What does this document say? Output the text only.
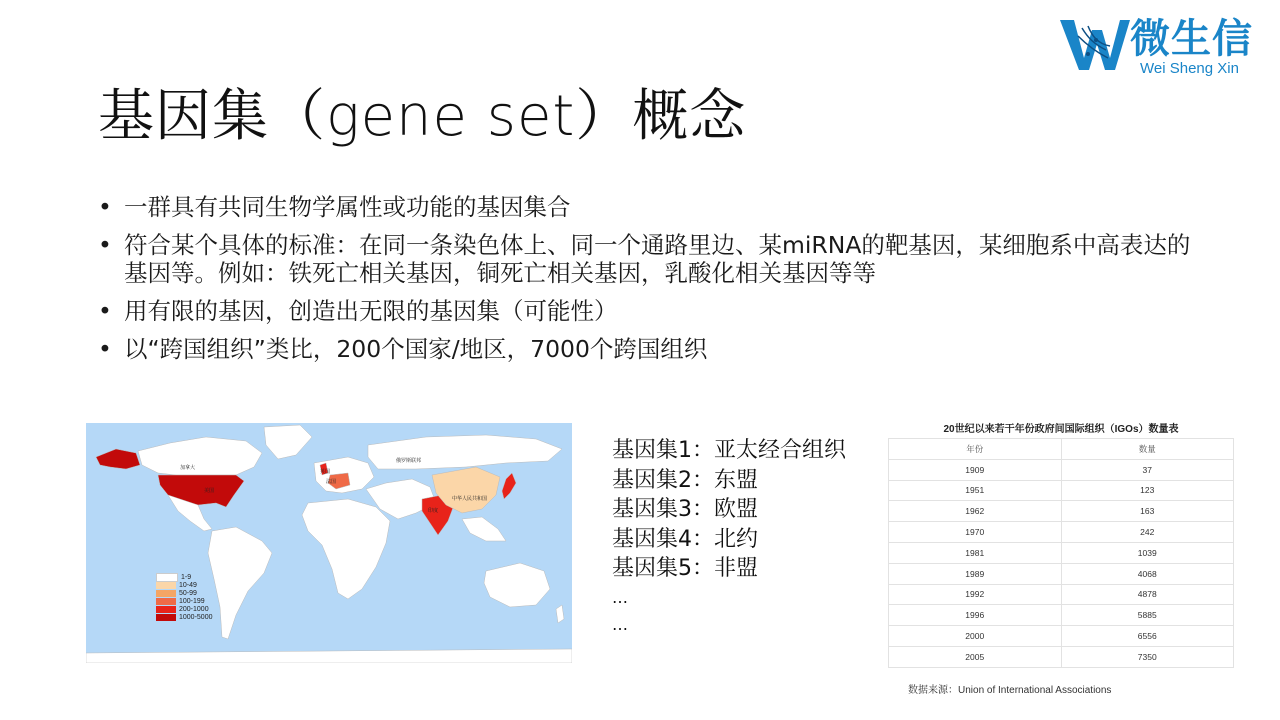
微生信
Wei Sheng Xin
基因集（gene set）概念
• 一群具有共同生物学属性或功能的基因集合
• 符合某个具体的标准：在同一条染色体上、同一个通路里边、某miRNA的靶基因，某细胞系中高表达的基因等。例如：铁死亡相关基因，铜死亡相关基因，乳酸化相关基因等等
• 用有限的基因，创造出无限的基因集（可能性）
• 以“跨国组织”类比，200个国家/地区，7000个跨国组织
加拿大
美国
英国
法国
俄罗斯联邦
中华人民共和国
印度
1-9
10-49
50-99
100-199
200-1000
1000-5000
基因集1：亚太经合组织
基因集2：东盟
基因集3：欧盟
基因集4：北约
基因集5：非盟
…
…
20世纪以来若干年份政府间国际组织（IGOs）数量表
年份	数量
1909	37
1951	123
1962	163
1970	242
1981	1039
1989	4068
1992	4878
1996	5885
2000	6556
2005	7350
数据来源：Union of International Associations
